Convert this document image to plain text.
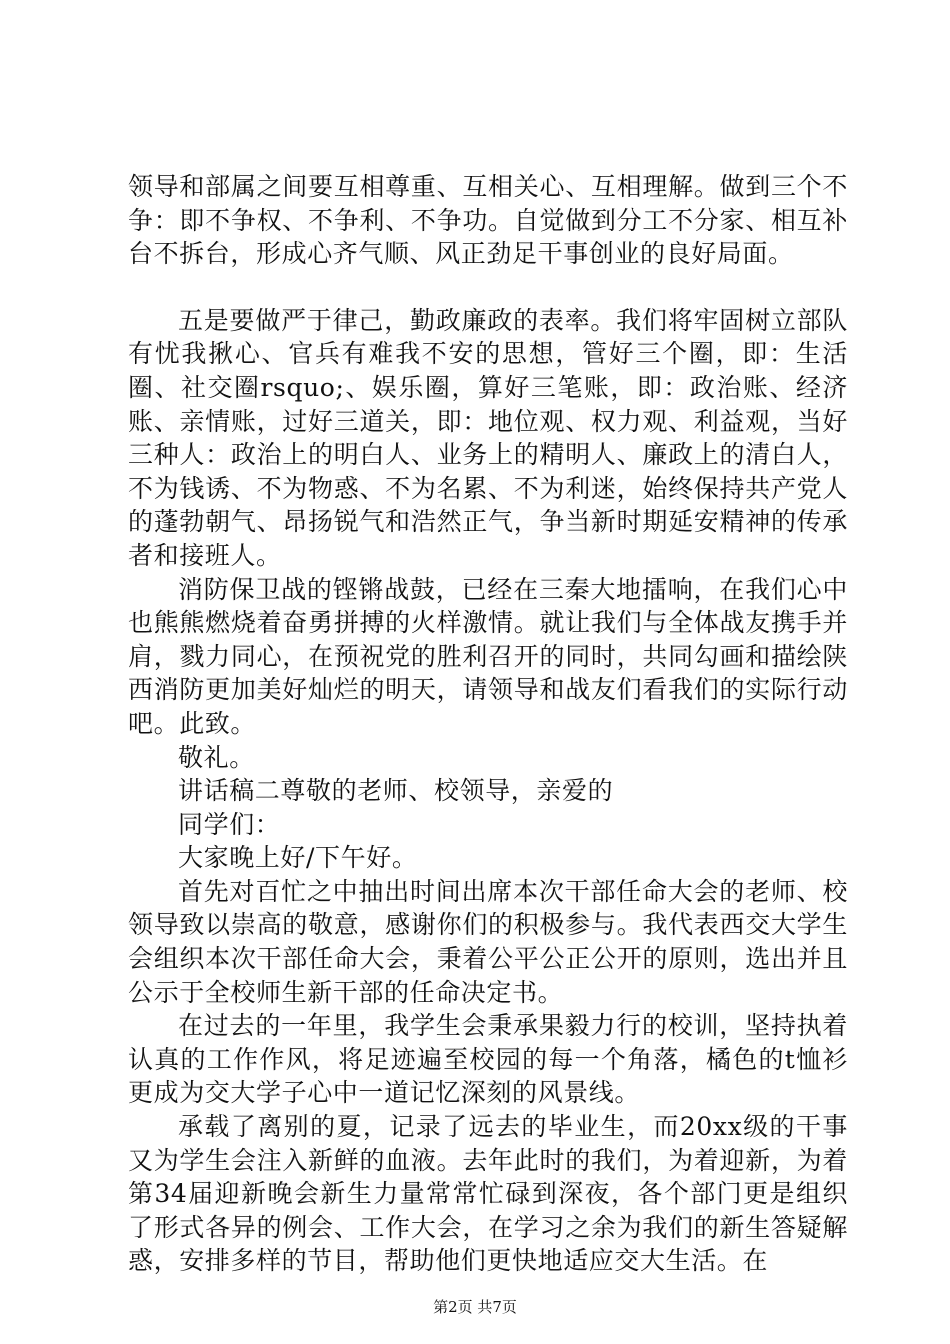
领导和部属之间要互相尊重、互相关心、互相理解。做到三个不争：即不争权、不争利、不争功。自觉做到分工不分家、相互补台不拆台，形成心齐气顺、风正劲足干事创业的良好局面。

五是要做严于律己，勤政廉政的表率。我们将牢固树立部队有忧我揪心、官兵有难我不安的思想，管好三个圈，即：生活圈、社交圈rsquo;、娱乐圈，算好三笔账，即：政治账、经济账、亲情账，过好三道关，即：地位观、权力观、利益观，当好三种人：政治上的明白人、业务上的精明人、廉政上的清白人，不为钱诱、不为物惑、不为名累、不为利迷，始终保持共产党人的蓬勃朝气、昂扬锐气和浩然正气，争当新时期延安精神的传承者和接班人。

消防保卫战的铿锵战鼓，已经在三秦大地擂响，在我们心中也熊熊燃烧着奋勇拼搏的火样激情。就让我们与全体战友携手并肩，戮力同心，在预祝党的胜利召开的同时，共同勾画和描绘陕西消防更加美好灿烂的明天，请领导和战友们看我们的实际行动吧。此致。

敬礼。

讲话稿二尊敬的老师、校领导，亲爱的

同学们：

大家晚上好/下午好。

首先对百忙之中抽出时间出席本次干部任命大会的老师、校领导致以崇高的敬意，感谢你们的积极参与。我代表西交大学生会组织本次干部任命大会，秉着公平公正公开的原则，选出并且公示于全校师生新干部的任命决定书。

在过去的一年里，我学生会秉承果毅力行的校训，坚持执着认真的工作作风，将足迹遍至校园的每一个角落，橘色的t恤衫更成为交大学子心中一道记忆深刻的风景线。

承载了离别的夏，记录了远去的毕业生，而20xx级的干事又为学生会注入新鲜的血液。去年此时的我们，为着迎新，为着第34届迎新晚会新生力量常常忙碌到深夜，各个部门更是组织了形式各异的例会、工作大会，在学习之余为我们的新生答疑解惑，安排多样的节目，帮助他们更快地适应交大生活。在

第2页 共7页
